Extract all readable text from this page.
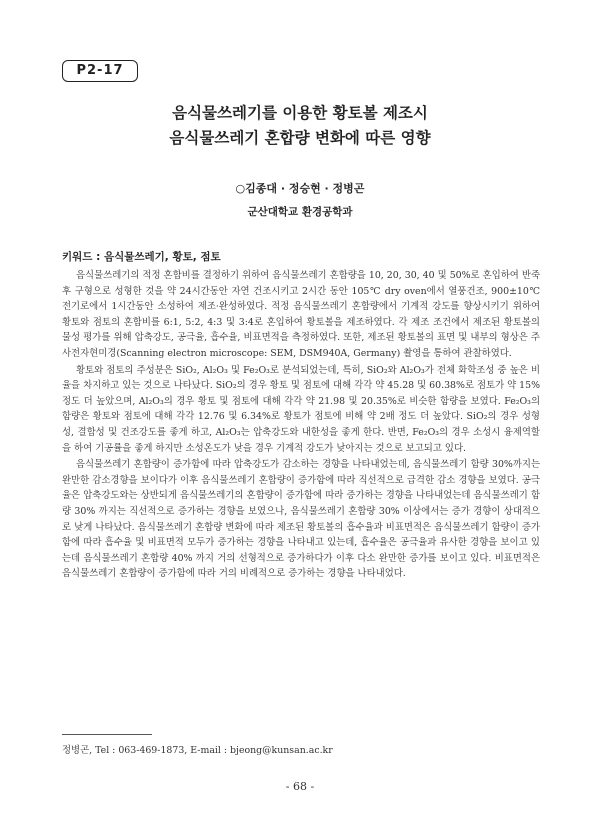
P2-17
음식물쓰레기를 이용한 황토볼 제조시
음식물쓰레기 혼합량 변화에 따른 영향
○김종대 · 정승현 · 정병곤
군산대학교 환경공학과
키워드 : 음식물쓰레기, 황토, 점토

음식물쓰레기의 적정 혼합비를 결정하기 위하여 음식물쓰레기 혼합량을 10, 20, 30, 40 및 50%로 혼입하여 반죽 후 구형으로 성형한 것을 약 24시간동안 자연 건조시키고 2시간 동안 105℃ dry oven에서 열풍건조, 900±10℃ 전기로에서 1시간동안 소성하여 제조·완성하였다. 적정 음식물쓰레기 혼합량에서 기계적 강도를 향상시키기 위하여 황토와 점토의 혼합비를 6:1, 5:2, 4:3 및 3:4로 혼입하여 황토볼을 제조하였다. 각 제조 조건에서 제조된 황토볼의 물성 평가를 위해 압축강도, 공극율, 흡수율, 비표면적을 측정하였다. 또한, 제조된 황토볼의 표면 및 내부의 형상은 주사전자현미경(Scanning electron microscope: SEM, DSM940A, Germany) 촬영을 통하여 관찰하였다.

황토와 점토의 주성분은 SiO₂, Al₂O₃ 및 Fe₂O₃로 분석되었는데, 특히, SiO₂와 Al₂O₃가 전체 화학조성 중 높은 비율을 차지하고 있는 것으로 나타났다. SiO₂의 경우 황토 및 점토에 대해 각각 약 45.28 및 60.38%로 점토가 약 15% 정도 더 높았으며, Al₂O₃의 경우 황토 및 점토에 대해 각각 약 21.98 및 20.35%로 비슷한 함량을 보였다. Fe₂O₃의 함량은 황토와 점토에 대해 각각 12.76 및 6.34%로 황토가 점토에 비해 약 2배 정도 더 높았다. SiO₂의 경우 성형성, 결합성 및 건조강도를 좋게 하고, Al₂O₃는 압축강도와 내한성을 좋게 한다. 반면, Fe₂O₃의 경우 소성시 융제역할을 하여 기공률을 좋게 하지만 소성온도가 낮을 경우 기계적 강도가 낮아지는 것으로 보고되고 있다.

음식물쓰레기 혼합량이 증가함에 따라 압축강도가 감소하는 경향을 나타내었는데, 음식물쓰레기 함량 30%까지는 완만한 감소경향을 보이다가 이후 음식물쓰레기 혼합량이 증가함에 따라 직선적으로 급격한 감소 경향을 보였다. 공극율은 압축강도와는 상반되게 음식물쓰레기의 혼합량이 증가함에 따라 증가하는 경향을 나타내었는데 음식물쓰레기 함량 30% 까지는 직선적으로 증가하는 경향을 보였으나, 음식물쓰레기 혼합량 30% 이상에서는 증가 경향이 상대적으로 낮게 나타났다. 음식물쓰레기 혼합량 변화에 따라 제조된 황토볼의 흡수율과 비표면적은 음식물쓰레기 함량이 증가함에 따라 흡수율 및 비표면적 모두가 증가하는 경향을 나타내고 있는데, 흡수율은 공극율과 유사한 경향을 보이고 있는데 음식물쓰레기 혼합량 40% 까지 거의 선형적으로 증가하다가 이후 다소 완만한 증가를 보이고 있다. 비표면적은 음식물쓰레기 혼합량이 증가함에 따라 거의 비례적으로 증가하는 경향을 나타내었다.

정병곤, Tel : 063-469-1873, E-mail : bjeong@kunsan.ac.kr
- 68 -
